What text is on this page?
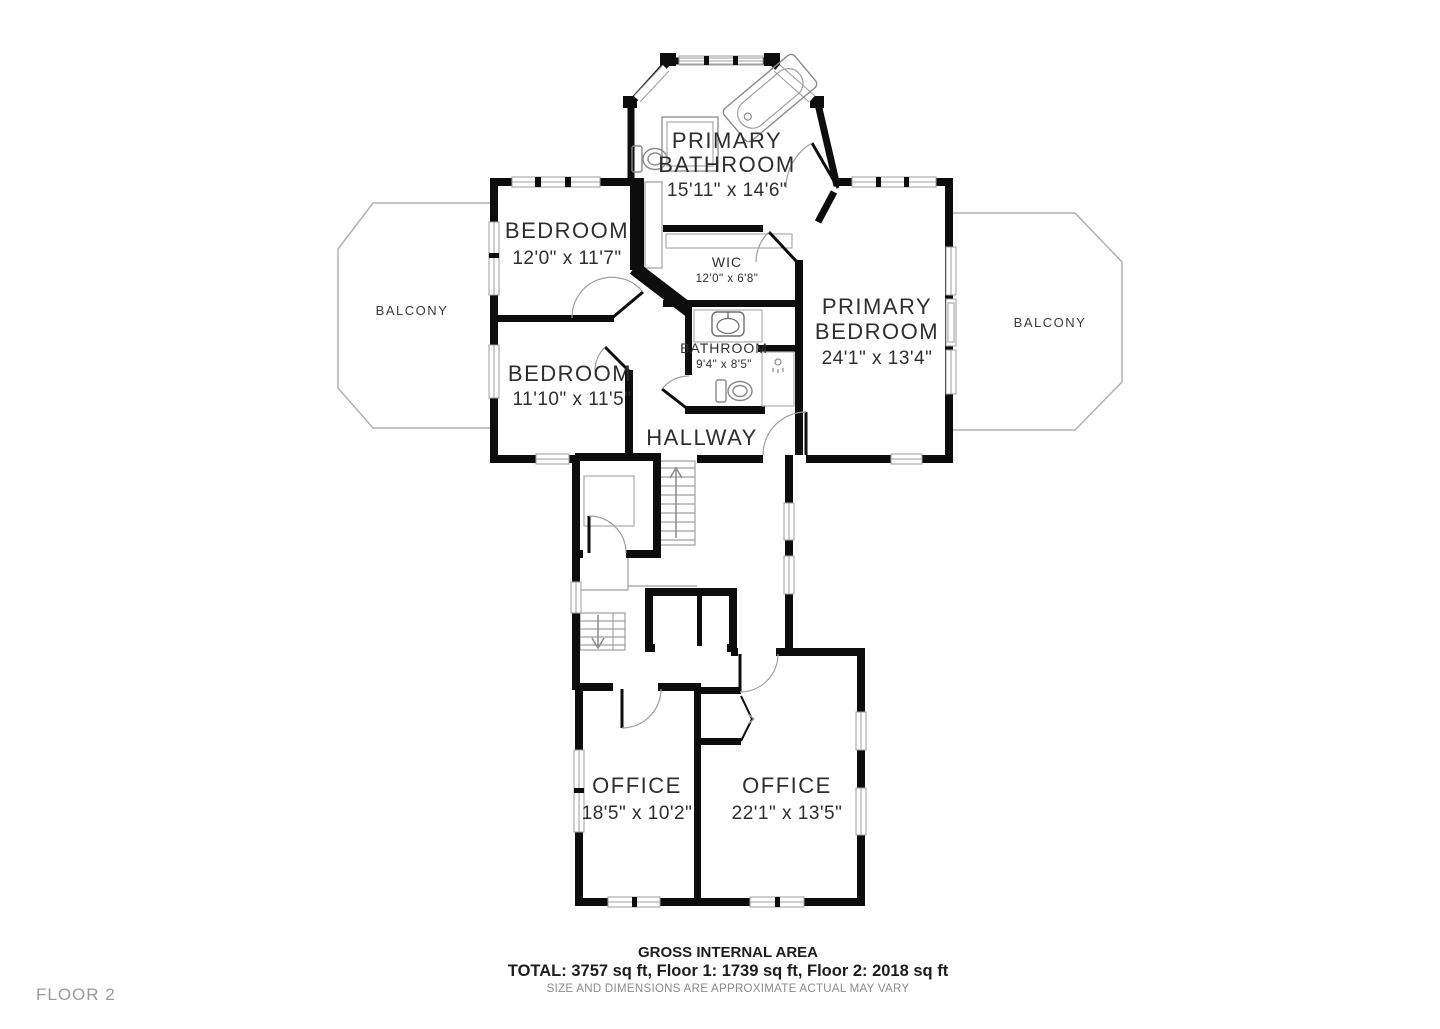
PRIMARY
BATHROOM
15'11" x 14'6"
BEDROOM
12'0" x 11'7"	WIC
12'0" x 6'8"
PRIMARY
BEDROOM
24'1" x 13'4"
BATHROOM
9'4" x 8'5"
BEDROOM
11'10" x 11'5"
HALLWAY
BALCONY
BALCONY
OFFICE
18'5" x 10'2"
OFFICE
22'1" x 13'5"
GROSS INTERNAL AREA
TOTAL: 3757 sq ft, Floor 1: 1739 sq ft, Floor 2: 2018 sq ft
SIZE AND DIMENSIONS ARE APPROXIMATE ACTUAL MAY VARY
FLOOR 2
